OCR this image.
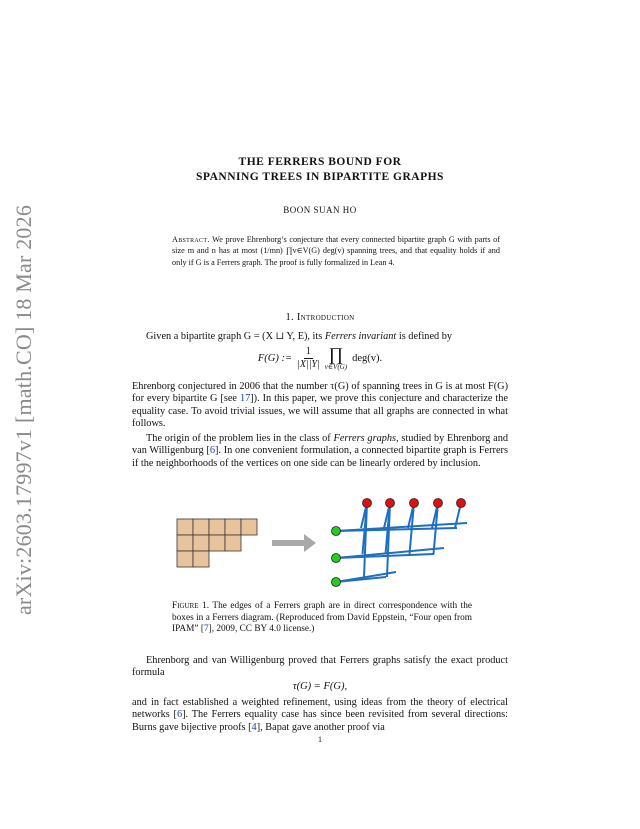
arXiv:2603.17997v1 [math.CO] 18 Mar 2026
THE FERRERS BOUND FOR
SPANNING TREES IN BIPARTITE GRAPHS
BOON SUAN HO
Abstract. We prove Ehrenborg’s conjecture that every connected bipartite graph G with parts of size m and n has at most (1/mn) ∏v∈V(G) deg(v) spanning trees, and that equality holds if and only if G is a Ferrers graph. The proof is fully formalized in Lean 4.
1. Introduction
Given a bipartite graph G = (X ⊔ Y, E), its Ferrers invariant is defined by
F(G) := $\frac{1}{|X||Y|}$ ∏
v∈V(G)
deg(v).
Ehrenborg conjectured in 2006 that the number τ(G) of spanning trees in G is at most F(G) for every bipartite G [see 17]). In this paper, we prove this conjecture and characterize the equality case. To avoid trivial issues, we will assume that all graphs are connected in what follows.
The origin of the problem lies in the class of Ferrers graphs, studied by Ehrenborg and van Willigenburg [6]. In one convenient formulation, a connected bipartite graph is Ferrers if the neighborhoods of the vertices on one side can be linearly ordered by inclusion.
Figure 1. The edges of a Ferrers graph are in direct correspondence with the boxes in a Ferrers diagram. (Reproduced from David Eppstein, “Four open from IPAM” [7], 2009, CC BY 4.0 license.)
Ehrenborg and van Willigenburg proved that Ferrers graphs satisfy the exact product formula
τ(G) = F(G),
and in fact established a weighted refinement, using ideas from the theory of electrical networks [6]. The Ferrers equality case has since been revisited from several directions: Burns gave bijective proofs [4], Bapat gave another proof via
1
